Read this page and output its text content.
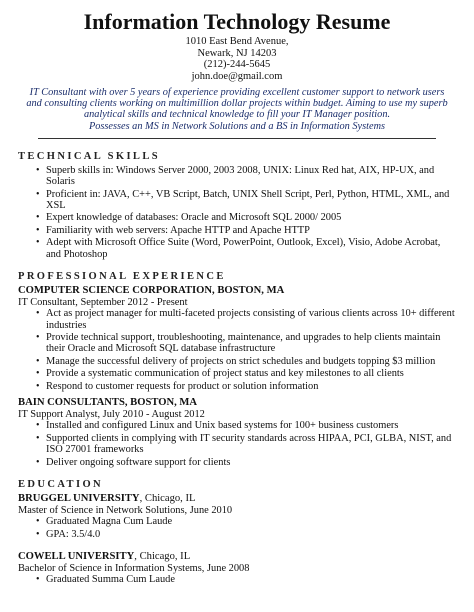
Information Technology Resume
1010 East Bend Avenue,
Newark, NJ 14203
(212)-244-5645
john.doe@gmail.com
IT Consultant with over 5 years of experience providing excellent customer support to network users
and consulting clients working on multimillion dollar projects within budget. Aiming to use my superb
analytical skills and technical knowledge to fill your IT Manager position.
Possesses an MS in Network Solutions and a BS in Information Systems
TECHNICAL SKILLS
• Superb skills in: Windows Server 2000, 2003 2008, UNIX: Linux Red hat, AIX, HP-UX, and Solaris
• Proficient in: JAVA, C++, VB Script, Batch, UNIX Shell Script, Perl, Python, HTML, XML, and XSL
• Expert knowledge of databases: Oracle and Microsoft SQL 2000/ 2005
• Familiarity with web servers: Apache HTTP and Apache HTTP
• Adept with Microsoft Office Suite (Word, PowerPoint, Outlook, Excel), Visio, Adobe Acrobat, and Photoshop
PROFESSIONAL EXPERIENCE
COMPUTER SCIENCE CORPORATION, BOSTON, MA
IT Consultant, September 2012 - Present
• Act as project manager for multi-faceted projects consisting of various clients across 10+ different industries
• Provide technical support, troubleshooting, maintenance, and upgrades to help clients maintain their Oracle and Microsoft SQL database infrastructure
• Manage the successful delivery of projects on strict schedules and budgets topping $3 million
• Provide a systematic communication of project status and key milestones to all clients
• Respond to customer requests for product or solution information
BAIN CONSULTANTS, BOSTON, MA
IT Support Analyst, July 2010 - August 2012
• Installed and configured Linux and Unix based systems for 100+ business customers
• Supported clients in complying with IT security standards across HIPAA, PCI, GLBA, NIST, and ISO 27001 frameworks
• Deliver ongoing software support for clients
EDUCATION
BRUGGEL UNIVERSITY, Chicago, IL
Master of Science in Network Solutions, June 2010
• Graduated Magna Cum Laude
• GPA: 3.5/4.0
COWELL UNIVERSITY, Chicago, IL
Bachelor of Science in Information Systems, June 2008
• Graduated Summa Cum Laude
